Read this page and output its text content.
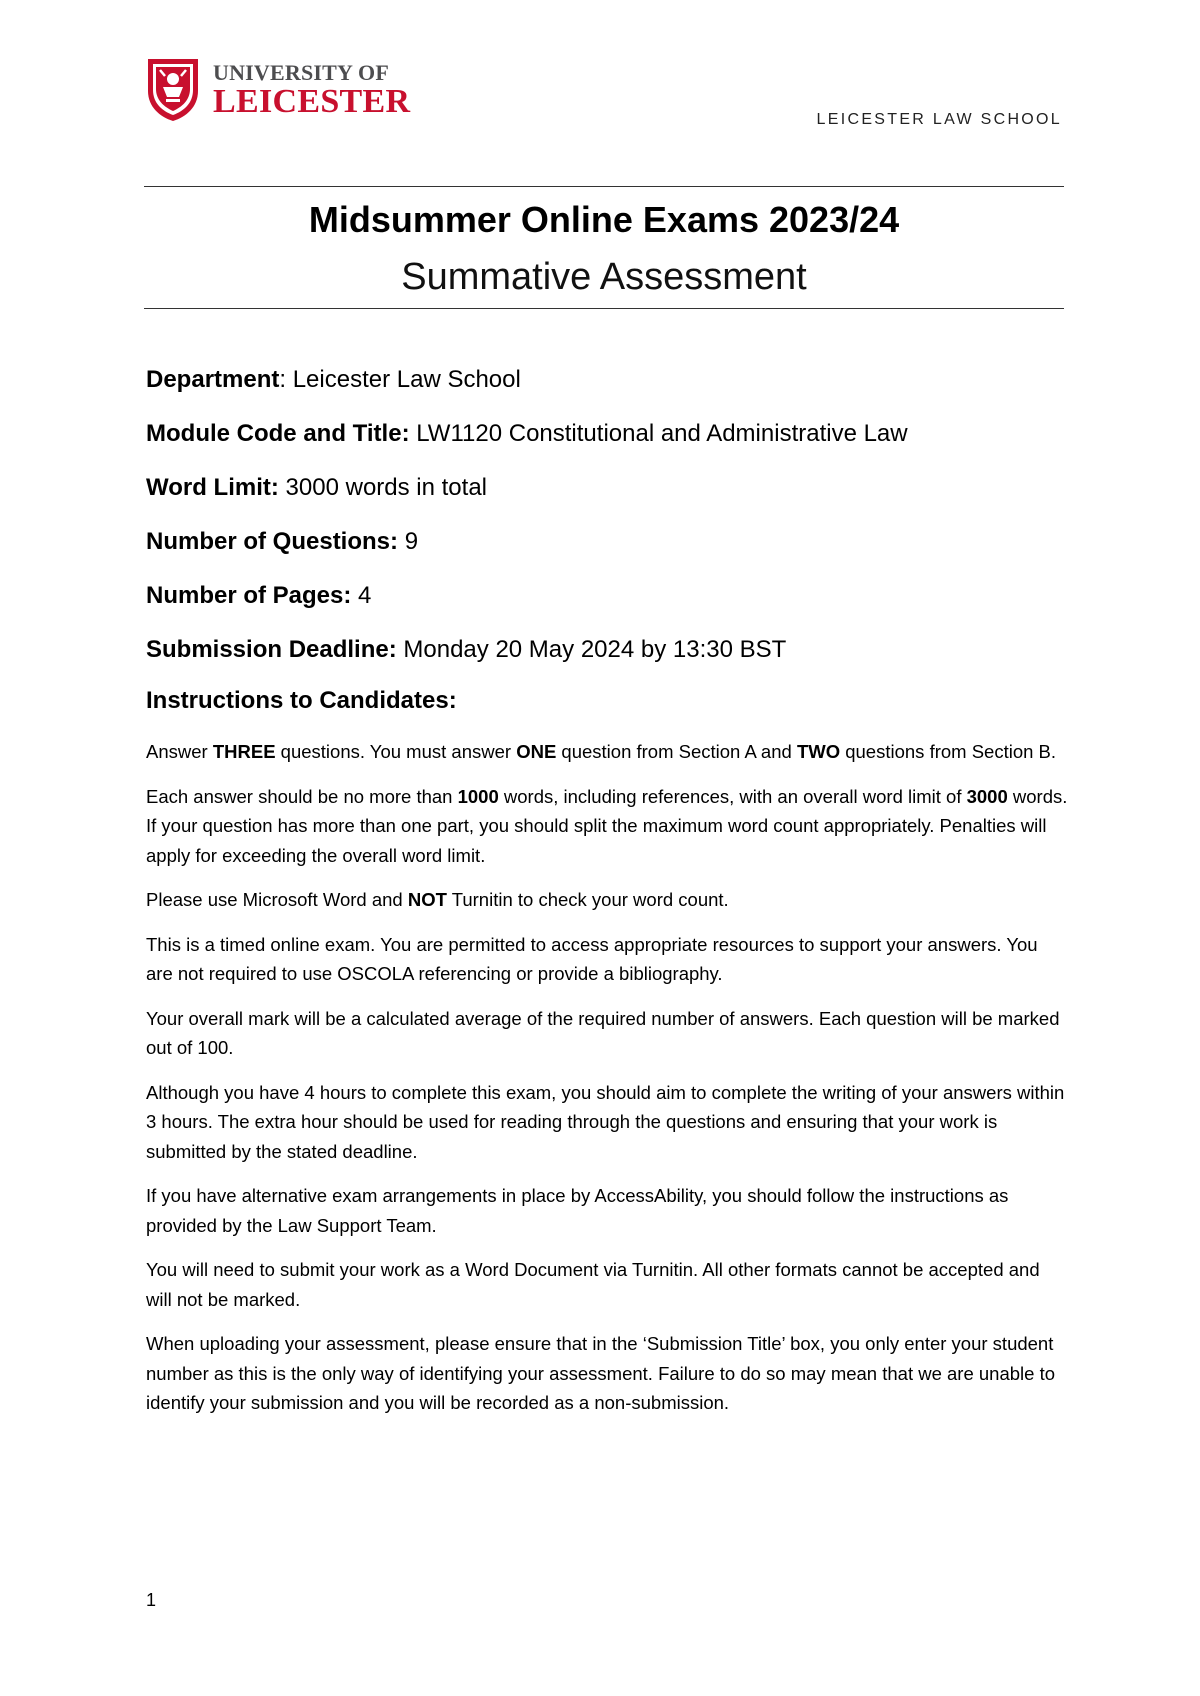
UNIVERSITY OF
LEICESTER	LEICESTER LAW SCHOOL
Midsummer Online Exams 2023/24
Summative Assessment
Department: Leicester Law School
Module Code and Title: LW1120 Constitutional and Administrative Law
Word Limit: 3000 words in total
Number of Questions: 9
Number of Pages: 4
Submission Deadline: Monday 20 May 2024 by 13:30 BST
Instructions to Candidates:

Answer THREE questions. You must answer ONE question from Section A and TWO questions from Section B.

Each answer should be no more than 1000 words, including references, with an overall word limit of 3000 words. If your question has more than one part, you should split the maximum word count appropriately. Penalties will apply for exceeding the overall word limit.

Please use Microsoft Word and NOT Turnitin to check your word count.

This is a timed online exam. You are permitted to access appropriate resources to support your answers. You are not required to use OSCOLA referencing or provide a bibliography.

Your overall mark will be a calculated average of the required number of answers. Each question will be marked out of 100.

Although you have 4 hours to complete this exam, you should aim to complete the writing of your answers within 3 hours. The extra hour should be used for reading through the questions and ensuring that your work is submitted by the stated deadline.

If you have alternative exam arrangements in place by AccessAbility, you should follow the instructions as provided by the Law Support Team.

You will need to submit your work as a Word Document via Turnitin. All other formats cannot be accepted and will not be marked.

When uploading your assessment, please ensure that in the ‘Submission Title’ box, you only enter your student number as this is the only way of identifying your assessment. Failure to do so may mean that we are unable to identify your submission and you will be recorded as a non-submission.

1
